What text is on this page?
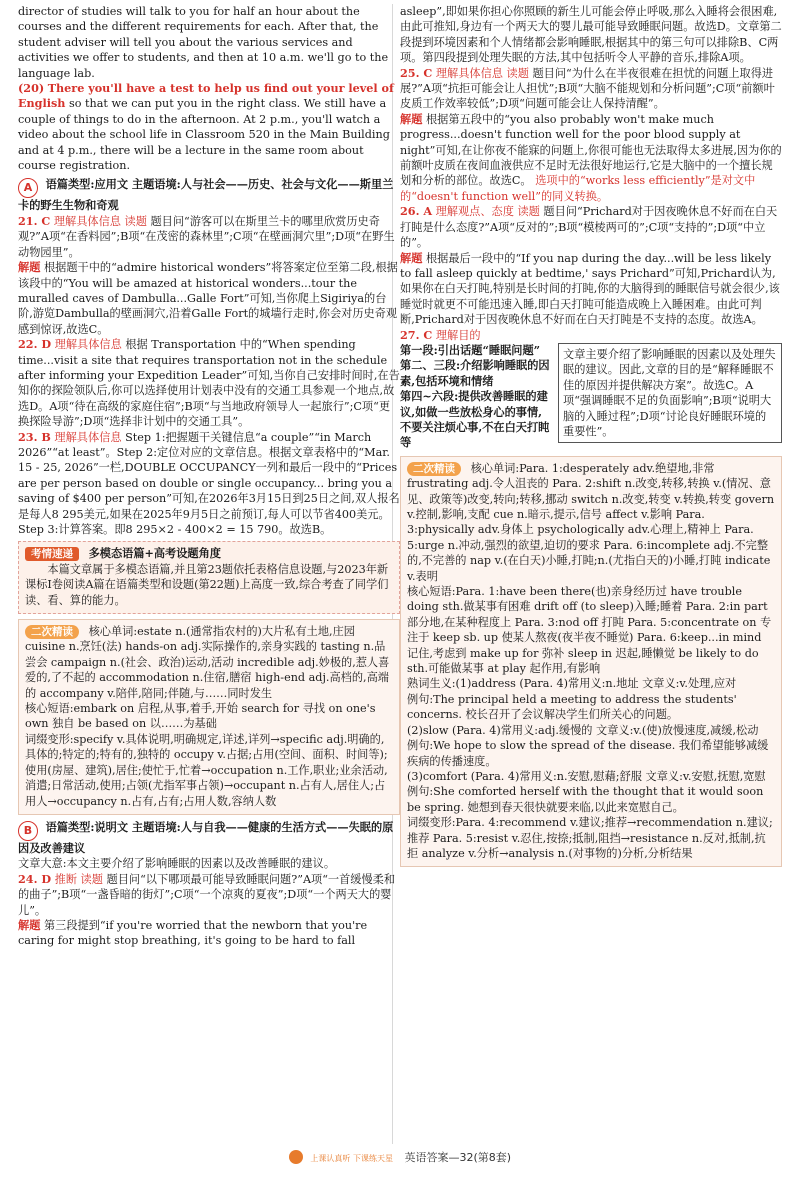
director of studies will talk to you for half an hour about the courses and the different requirements for each. After that, the student adviser will tell you about the various services and activities we offer to students, and then at 10 a.m. we'll go to the language lab.

(20) There you'll have a test to help us find out your level of English so that we can put you in the right class. We still have a couple of things to do in the afternoon. At 2 p.m., you'll watch a video about the school life in Classroom 520 in the Main Building and at 4 p.m., there will be a lecture in the same room about course registration.

A 语篇类型:应用文 主题语境:人与社会——历史、社会与文化——斯里兰卡的野生生物和奇观

21. C 理解具体信息 读题 题目问“游客可以在斯里兰卡的哪里欣赏历史奇观?”A项“在香料园”;B项“在茂密的森林里”;C项“在壁画洞穴里”;D项“在野生动物园里”。

解题 根据题干中的“admire historical wonders”将答案定位至第二段,根据该段中的“You will be amazed at historical wonders...tour the muralled caves of Dambulla...Galle Fort”可知,当你爬上Sigiriya的台阶,游览Dambulla的壁画洞穴,沿着Galle Fort的城墙行走时,你会对历史奇观感到惊讶,故选C。

22. D 理解具体信息 根据 Transportation 中的“When spending time...visit a site that requires transportation not in the schedule after informing your Expedition Leader”可知,当你自己安排时间时,在告知你的探险领队后,你可以选择使用计划表中没有的交通工具参观一个地点,故选D。A项“待在高级的家庭住宿”;B项“与当地政府领导人一起旅行”;C项“更换探险导游”;D项“选择非计划中的交通工具”。

23. B 理解具体信息 Step 1:把握题干关键信息“a couple”“in March 2026”“at least”。Step 2:定位对应的文章信息。根据文章表格中的“Mar. 15 - 25, 2026”一栏,DOUBLE OCCUPANCY一列和最后一段中的“Prices are per person based on double or single occupancy... bring you a saving of $400 per person”可知,在2026年3月15日到25日之间,双人报名是每人8 295美元,如果在2025年9月5日之前预订,每人可以节省400美元。Step 3:计算答案。即8 295×2 - 400×2 = 15 790。故选B。

考情速递 多模态语篇+高考设题角度

本篇文章属于多模态语篇,并且第23题依托表格信息设题,与2023年新课标Ⅰ卷阅读A篇在语篇类型和设题(第22题)上高度一致,综合考查了同学们读、看、算的能力。

二次精读 核心单词:estate n.(通常指农村的)大片私有土地,庄园 cuisine n.烹饪(法) hands-on adj.实际操作的,亲身实践的 tasting n.品尝会 campaign n.(社会、政治)运动,活动 incredible adj.妙极的,惹人喜爱的,了不起的 accommodation n.住宿,膳宿 high-end adj.高档的,高端的 accompany v.陪伴,陪同;伴随,与……同时发生

核心短语:embark on 启程,从事,着手,开始 search for 寻找 on one's own 独自 be based on 以……为基础

词缀变形:specify v.具体说明,明确规定,详述,详列→specific adj.明确的,具体的;特定的;特有的,独特的 occupy v.占据;占用(空间、面积、时间等);使用(房屋、建筑),居住;使忙于,忙着→occupation n.工作,职业;业余活动,消遣;日常活动,使用;占领(尤指军事占领)→occupant n.占有人,居住人;占用人→occupancy n.占有,占有;占用人数,容纳人数

B 语篇类型:说明文 主题语境:人与自我——健康的生活方式——失眠的原因及改善建议

文章大意:本文主要介绍了影响睡眠的因素以及改善睡眠的建议。

24. D 推断 读题 题目问“以下哪项最可能导致睡眠问题?”A项“一首缓慢柔和的曲子”;B项“一盏昏暗的街灯”;C项“一个凉爽的夏夜”;D项“一个两天大的婴儿”。

解题 第三段提到“if you're worried that the newborn that you're caring for might stop breathing, it's going to be hard to fall

asleep”,即如果你担心你照顾的新生儿可能会停止呼吸,那么入睡将会很困难,由此可推知,身边有一个两天大的婴儿最可能导致睡眠问题。故选D。文章第二段提到环境因素和个人情绪都会影响睡眠,根据其中的第三句可以排除B、C两项。第四段提到处理失眠的方法,其中包括听令人平静的音乐,排除A项。

25. C 理解具体信息 读题 题目问“为什么在半夜很难在担忧的问题上取得进展?”A项“抗拒可能会让人担忧”;B项“大脑不能规划和分析问题”;C项“前额叶皮质工作效率较低”;D项“问题可能会让人保持清醒”。

解题 根据第五段中的“you also probably won't make much progress...doesn't function well for the poor blood supply at night”可知,在让你夜不能寐的问题上,你很可能也无法取得太多进展,因为你的前额叶皮质在夜间血液供应不足时无法很好地运行,它是大脑中的一个擅长规划和分析的部位。故选C。 选项中的“works less efficiently”是对文中的“doesn't function well”的同义转换。

26. A 理解观点、态度 读题 题目问“Prichard对于因夜晚休息不好而在白天打盹是什么态度?”A项“反对的”;B项“模棱两可的”;C项“支持的”;D项“中立的”。

解题 根据最后一段中的“If you nap during the day...will be less likely to fall asleep quickly at bedtime,' says Prichard”可知,Prichard认为,如果你在白天打盹,特别是长时间的打盹,你的大脑得到的睡眠信号就会很少,该睡觉时就更不可能迅速入睡,即白天打盹可能造成晚上入睡困难。由此可判断,Prichard对于因夜晚休息不好而在白天打盹是不支持的态度。故选A。

27. C 理解目的

第一段:引出话题“睡眠问题”

第二、三段:介绍影响睡眠的因素,包括环境和情绪

第四~六段:提供改善睡眠的建议,如做一些放松身心的事情,不要关注烦心事,不在白天打盹等

文章主要介绍了影响睡眠的因素以及处理失眠的建议。因此,文章的目的是“解释睡眠不佳的原因并提供解决方案”。故选C。A项“强调睡眠不足的负面影响”;B项“说明大脑的入睡过程”;D项“讨论良好睡眠环境的重要性”。

二次精读 核心单词:Para. 1:desperately adv.绝望地,非常 frustrating adj.令人沮丧的 Para. 2:shift n.改变,转移,转换 v.(情况、意见、政策等)改变,转向;转移,挪动 switch n.改变,转变 v.转换,转变 govern v.控制,影响,支配 cue n.暗示,提示,信号 affect v.影响 Para. 3:physically adv.身体上 psychologically adv.心理上,精神上 Para. 5:urge n.冲动,强烈的欲望,迫切的要求 Para. 6:incomplete adj.不完整的,不完善的 nap v.(在白天)小睡,打盹;n.(尤指白天的)小睡,打盹 indicate v.表明

核心短语:Para. 1:have been there(也)亲身经历过 have trouble doing sth.做某事有困难 drift off (to sleep)入睡;睡着 Para. 2:in part 部分地,在某种程度上 Para. 3:nod off 打盹 Para. 5:concentrate on 专注于 keep sb. up 使某人熬夜(夜半夜不睡觉) Para. 6:keep...in mind 记住,考虑到 make up for 弥补 sleep in 迟起,睡懒觉 be likely to do sth.可能做某事 at play 起作用,有影响

熟词生义:(1)address (Para. 4)常用义:n.地址 文章义:v.处理,应对

例句:The principal held a meeting to address the students' concerns. 校长召开了会议解决学生们所关心的问题。

(2)slow (Para. 4)常用义:adj.缓慢的 文章义:v.(使)放慢速度,减缓,松动

例句:We hope to slow the spread of the disease. 我们希望能够减缓疾病的传播速度。

(3)comfort (Para. 4)常用义:n.安慰,慰藉;舒服 文章义:v.安慰,抚慰,宽慰

例句:She comforted herself with the thought that it would soon be spring. 她想到春天很快就要来临,以此来宽慰自己。

词缀变形:Para. 4:recommend v.建议;推荐→recommendation n.建议;推荐 Para. 5:resist v.忍住,按捺;抵制,阻挡→resistance n.反对,抵制,抗拒 analyze v.分析→analysis n.(对事物的)分析,分析结果

上课认真听 下课练天星 英语答案—32(第8套)
